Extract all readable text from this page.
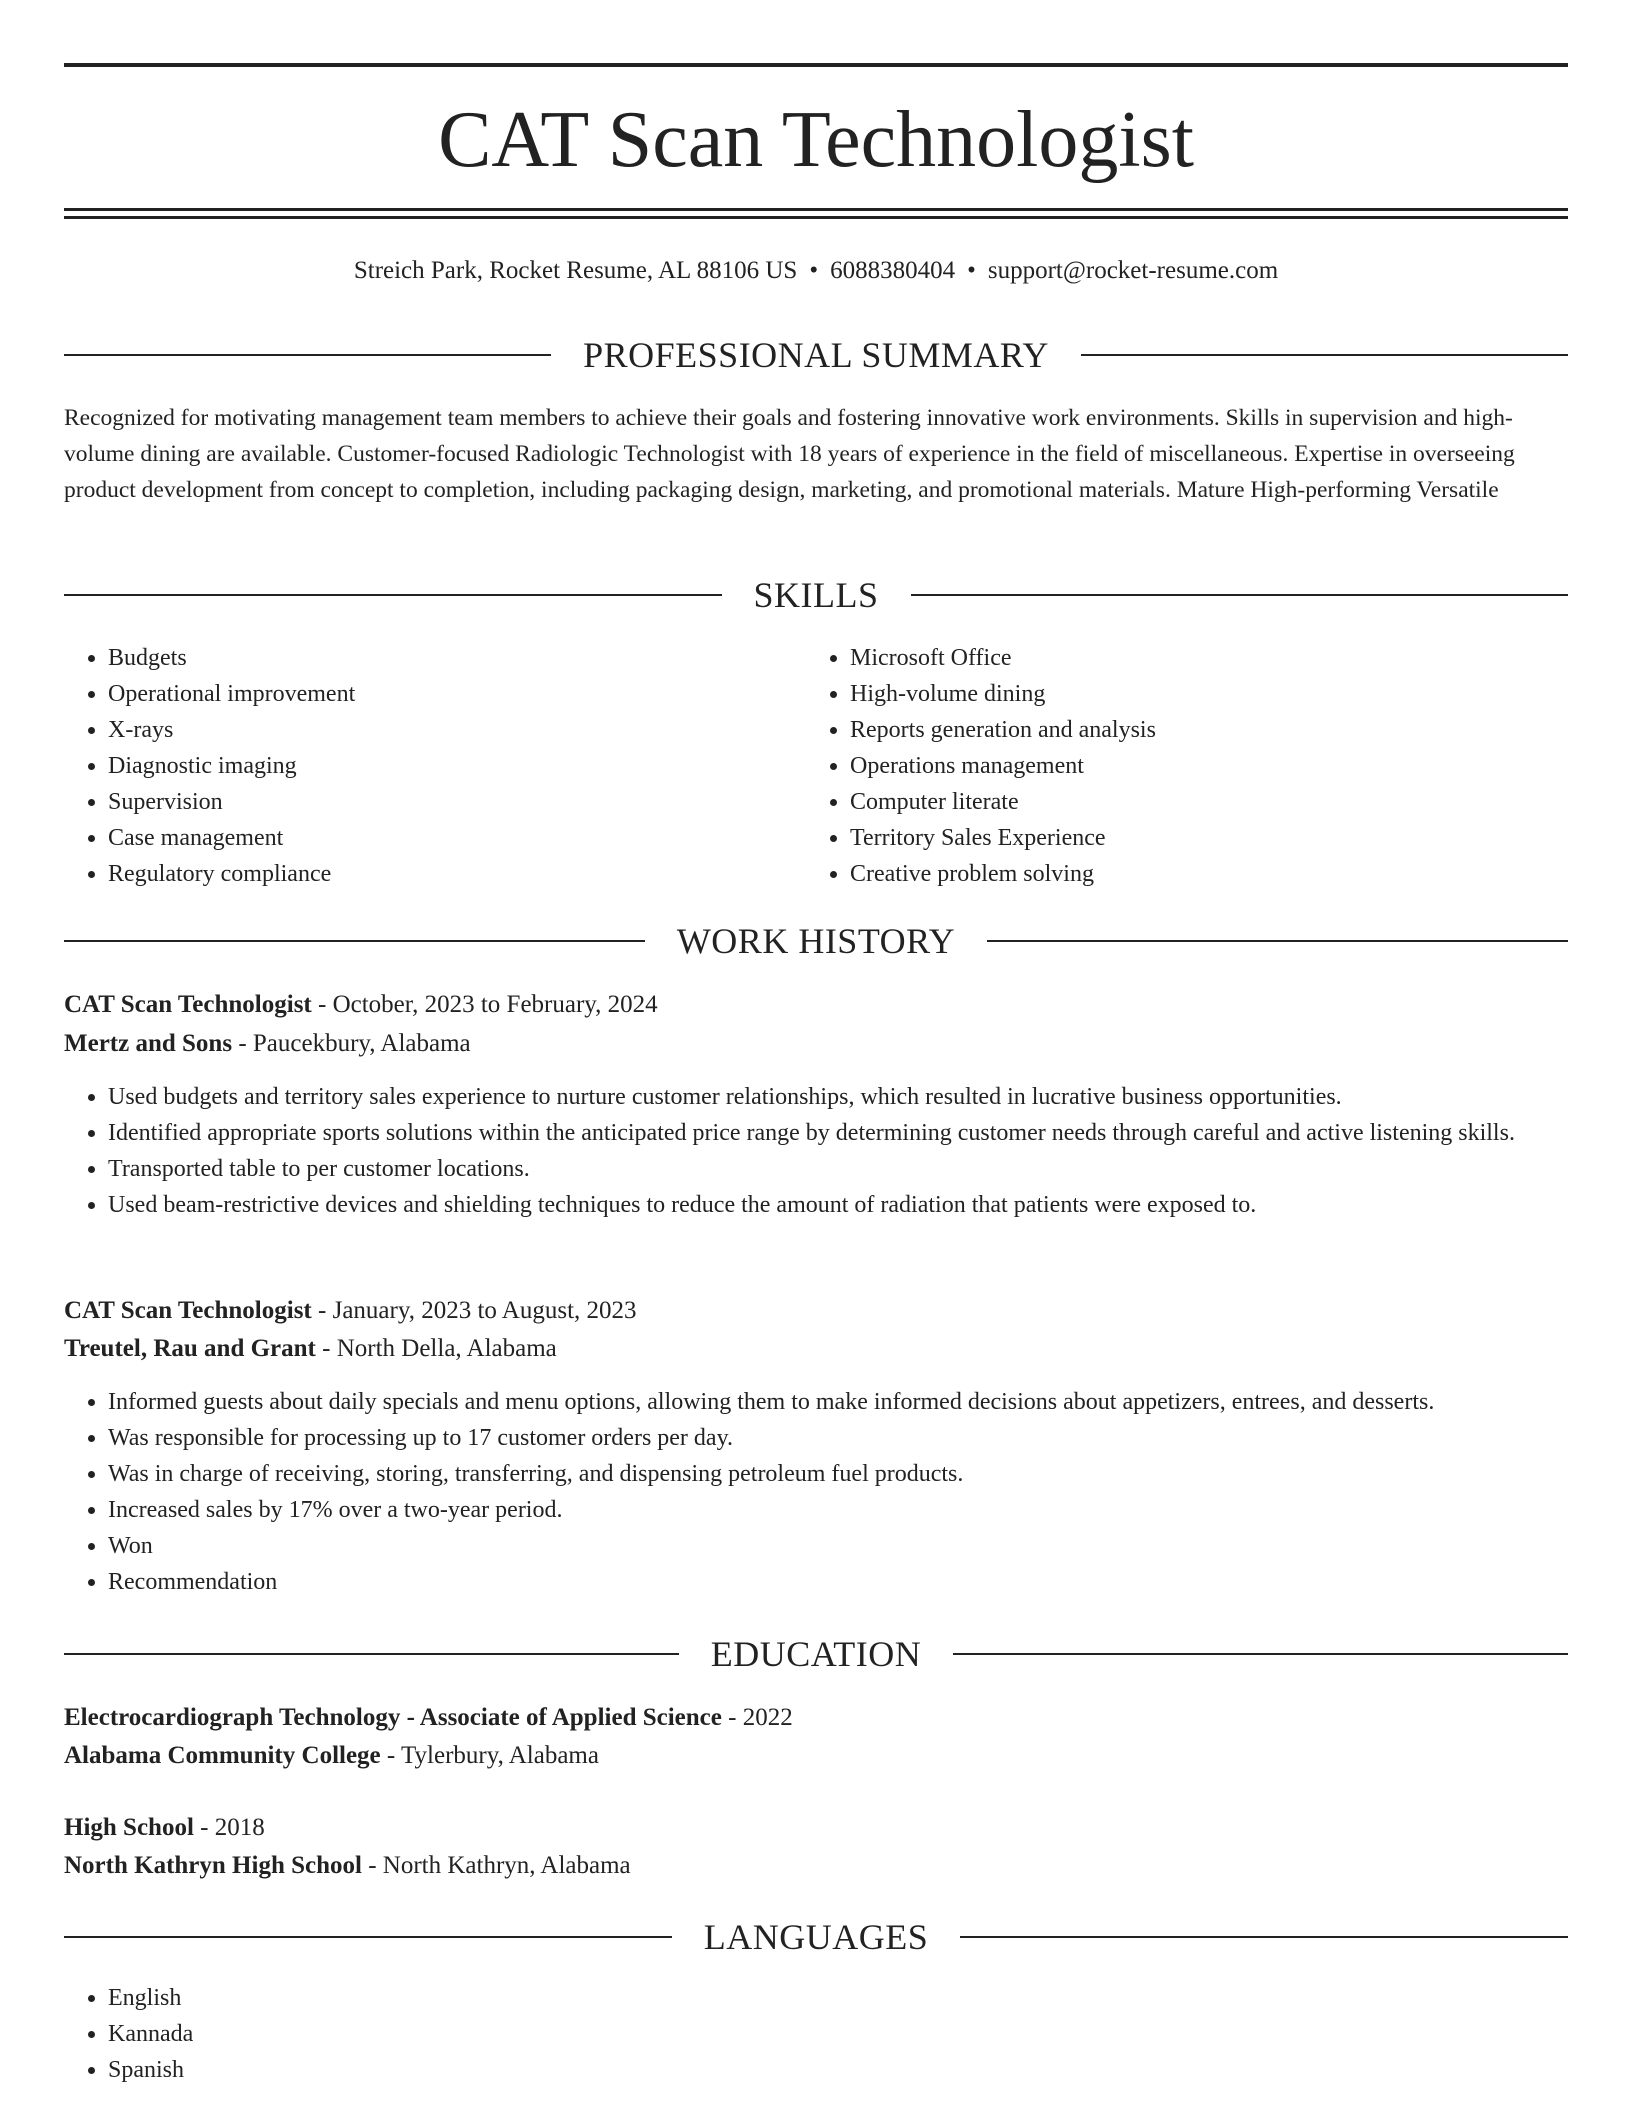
CAT Scan Technologist
Streich Park, Rocket Resume, AL 88106 US • 6088380404 • support@rocket-resume.com
PROFESSIONAL SUMMARY

Recognized for motivating management team members to achieve their goals and fostering innovative work environments. Skills in supervision and high-volume dining are available. Customer-focused Radiologic Technologist with 18 years of experience in the field of miscellaneous. Expertise in overseeing product development from concept to completion, including packaging design, marketing, and promotional materials. Mature High-performing Versatile

SKILLS
• Budgets
• Operational improvement
• X-rays
• Diagnostic imaging
• Supervision
• Case management
• Regulatory compliance
• Microsoft Office
• High-volume dining
• Reports generation and analysis
• Operations management
• Computer literate
• Territory Sales Experience
• Creative problem solving
WORK HISTORY
CAT Scan Technologist - October, 2023 to February, 2024
Mertz and Sons - Paucekbury, Alabama
• Used budgets and territory sales experience to nurture customer relationships, which resulted in lucrative business opportunities.
• Identified appropriate sports solutions within the anticipated price range by determining customer needs through careful and active listening skills.
• Transported table to per customer locations.
• Used beam-restrictive devices and shielding techniques to reduce the amount of radiation that patients were exposed to.
CAT Scan Technologist - January, 2023 to August, 2023
Treutel, Rau and Grant - North Della, Alabama
• Informed guests about daily specials and menu options, allowing them to make informed decisions about appetizers, entrees, and desserts.
• Was responsible for processing up to 17 customer orders per day.
• Was in charge of receiving, storing, transferring, and dispensing petroleum fuel products.
• Increased sales by 17% over a two-year period.
• Won
• Recommendation
EDUCATION
Electrocardiograph Technology - Associate of Applied Science - 2022
Alabama Community College - Tylerbury, Alabama
High School - 2018
North Kathryn High School - North Kathryn, Alabama
LANGUAGES
• English
• Kannada
• Spanish
